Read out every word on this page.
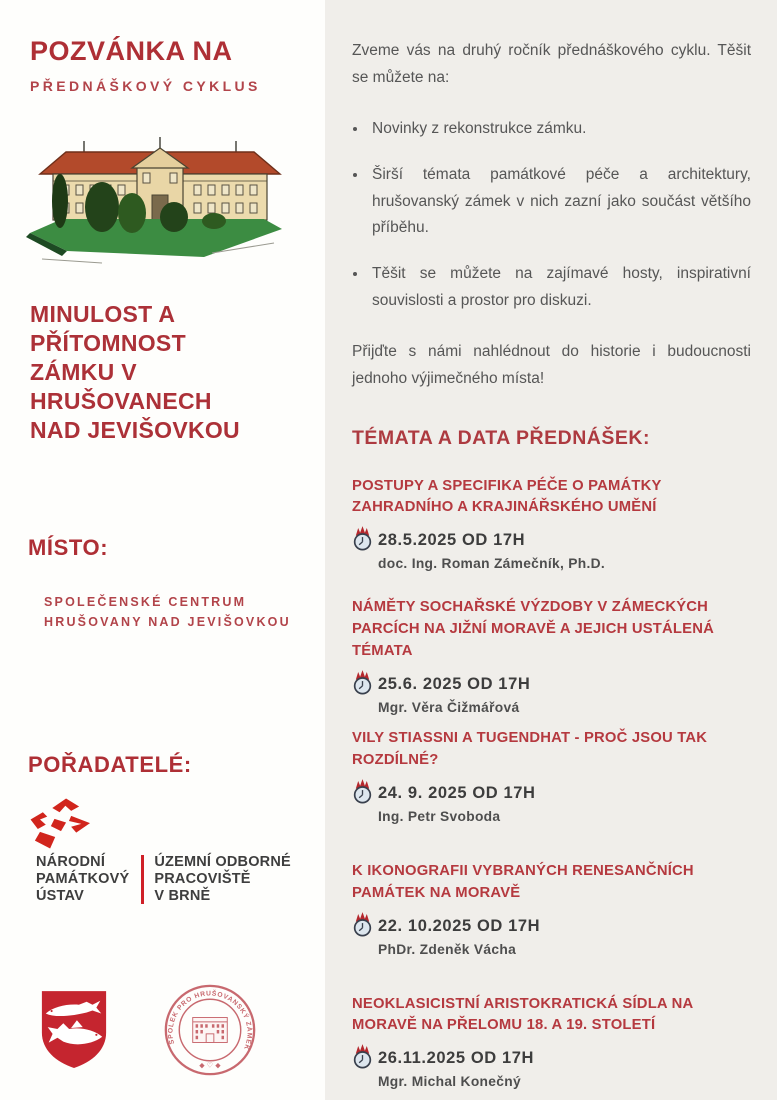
POZVÁNKA NA
PŘEDNÁŠKOVÝ CYKLUS
MINULOST A PŘÍTOMNOST ZÁMKU V HRUŠOVANECH NAD JEVIŠOVKOU
MÍSTO:
SPOLEČENSKÉ CENTRUM HRUŠOVANY NAD JEVIŠOVKOU
POŘADATELÉ:
NÁRODNÍ
PAMÁTKOVÝ
ÚSTAV
ÚZEMNÍ ODBORNÉ
PRACOVIŠTĚ
V BRNĚ
SPOLEK PRO HRUŠOVANSKÝ ZÁMEK
◆ ♡ ◆

Zveme vás na druhý ročník přednáškového cyklu. Těšit se můžete na:

• Novinky z rekonstrukce zámku.
• Širší témata památkové péče a architektury, hrušovanský zámek v nich zazní jako součást většího příběhu.
• Těšit se můžete na zajímavé hosty, inspirativní souvislosti a prostor pro diskuzi.

Přijďte s námi nahlédnout do historie i budoucnosti jednoho výjimečného místa!

TÉMATA A DATA PŘEDNÁŠEK:
POSTUPY A SPECIFIKA PÉČE O PAMÁTKY ZAHRADNÍHO A KRAJINÁŘSKÉHO UMĚNÍ
28.5.2025 OD 17H
doc. Ing. Roman Zámečník, Ph.D.
NÁMĚTY SOCHAŘSKÉ VÝZDOBY V ZÁMECKÝCH PARCÍCH NA JIŽNÍ MORAVĚ A JEJICH USTÁLENÁ TÉMATA
25.6. 2025 OD 17H
Mgr. Věra Čižmářová
VILY STIASSNI A TUGENDHAT - PROČ JSOU TAK ROZDÍLNÉ?
24. 9. 2025 OD 17H
Ing. Petr Svoboda
K IKONOGRAFII VYBRANÝCH RENESANČNÍCH PAMÁTEK NA MORAVĚ
22. 10.2025 OD 17H
PhDr. Zdeněk Vácha
NEOKLASICISTNÍ ARISTOKRATICKÁ SÍDLA NA MORAVĚ NA PŘELOMU 18. A 19. STOLETÍ
26.11.2025 OD 17H
Mgr. Michal Konečný
